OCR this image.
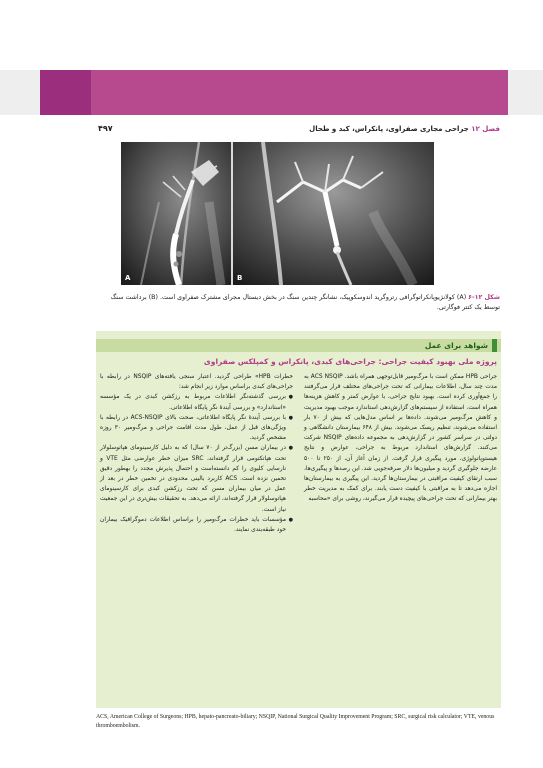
فصل ۱۲ جراحی مجاری صفراوی، پانکراس، کبد و طحال
۴۹۷
A	B
شکل ۱۲-۶ (A) کولانژیوپانکراتوگرافی رتروگرید اندوسکوپیک، نشانگر چندین سنگ در بخش دیستال مجرای مشترک صفراوی است. (B) برداشت سنگ توسط یک کتتر فوگارتی.
شواهد برای عمل
پروژه ملی بهبود کیفیت جراحی: جراحی‌های کبدی، پانکراس و کمپلکس صفراوی

جراحی HPB ممکن است با مرگ‌ومیر قابل‌توجهی همراه باشد. ACS NSQIP به مدت چند سال، اطلاعات بیمارانی که تحت جراحی‌های مختلف قرار می‌گرفتند را جمع‌آوری کرده است. بهبود نتایج جراحی، با عوارض کمتر و کاهش هزینه‌ها همراه است. استفاده از سیستم‌های گزارش‌دهی استاندارد موجب بهبود مدیریت و کاهش مرگ‌ومیر می‌شوند. داده‌ها بر اساس مدل‌هایی که بیش از ۷۰ بار استفاده می‌شوند، تنظیم ریسک می‌شوند. بیش از ۶۴۸ بیمارستان دانشگاهی و دولتی در سراسر کشور در گزارش‌دهی به مجموعه داده‌های NSQIP شرکت می‌کنند. گزارش‌های استاندارد مربوط به جراحی، عوارض و نتایج هیستوپاتولوژی، مورد پیگیری قرار گرفت. از زمان آغاز آن، از ۲۵۰ تا ۵۰۰ عارضه جلوگیری گردید و میلیون‌ها دلار صرفه‌جویی شد. این رصدها و پیگیری‌ها، سبب ارتقای کیفیت مراقبتی در بیمارستان‌ها گردید. این پیگیری به بیمارستان‌ها اجازه می‌دهد تا به مراقبتی با کیفیت دست یابند. برای کمک به مدیریت خطر بهتر بیمارانی که تحت جراحی‌های پیچیده قرار می‌گیرند، روشی برای «محاسبه

خطرات HPB» طراحی گردید. اعتبار سنجی یافته‌های NSQIP در رابطه با جراحی‌های کبدی براساس موارد زیر انجام شد:

● بررسی گذشته‌نگر اطلاعات مربوط به رزکشن کبدی در یک مؤسسه «استاندارد» و بررسی آیندهٔ نگر پایگاه اطلاعاتی.

● با بررسی آیندهٔ نگر پایگاه اطلاعاتی، صحت بالای ACS-NSQIP در رابطه با ویژگی‌های قبل از عمل، طول مدت اقامت جراحی و مرگ‌ومیر ۳۰ روزه مشخص گردید.

● در بیماران مسن (بزرگ‌تر از ۷۰ سال) که به دلیل کارسینومای هپاتوسلولار تحت هپاتکتومی قرار گرفته‌اند، SRC میزان خطر عوارضی مثل VTE و نارسایی کلیوی را کم دانسته‌است و احتمال پذیرش مجدد را بهطور دقیق تخمین نزده است. ACS کاربرد بالینی محدودی در تخمین خطر در بعد از عمل در میان بیماران مسن که تحت رزکشن کبدی برای کارسینومای هپاتوسلولار قرار گرفته‌اند، ارائه می‌دهد. به تحقیقات بیش‌تری در این جمعیت نیاز است.

● مؤسسات باید خطرات مرگ‌ومیر را براساس اطلاعات دموگرافیک بیماران خود طبقه‌بندی نمایند.

ACS, American College of Surgeons; HPB, hepato-pancreato-biliary; NSQIP, National Surgical Quality Improvement Program; SRC, surgical risk calculator; VTE, venous thromboembolism.
